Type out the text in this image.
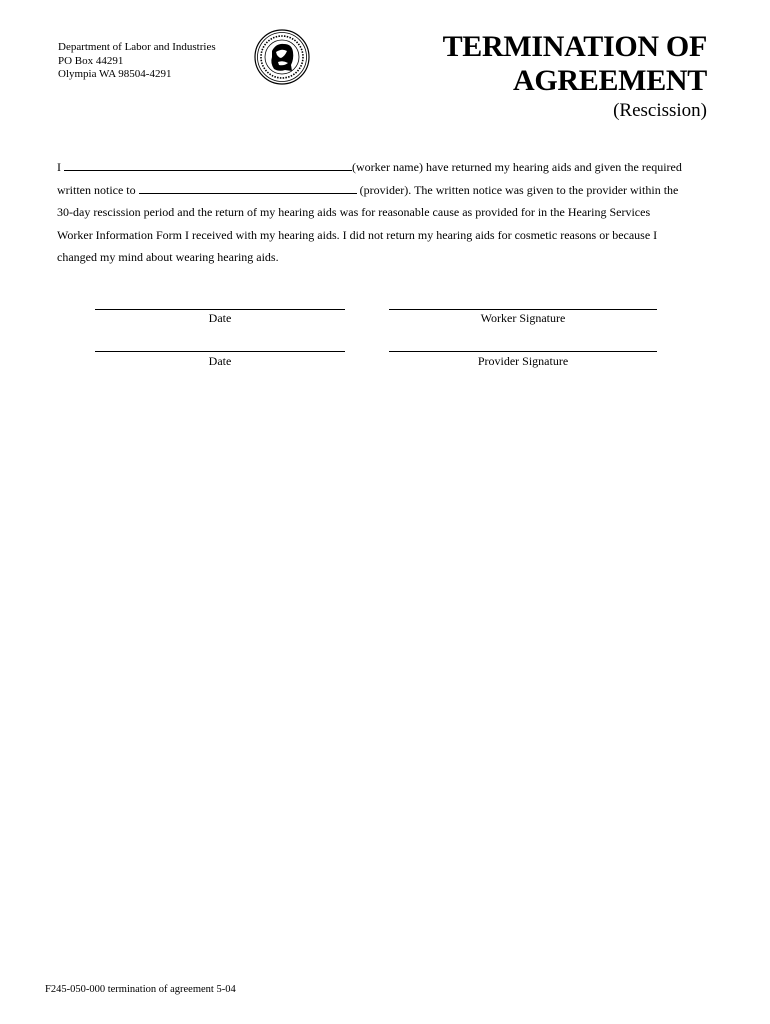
Department of Labor and Industries
PO Box 44291
Olympia WA 98504-4291
TERMINATION OF
AGREEMENT
(Rescission)

I	(worker name) have returned my hearing aids and given the required

written notice to	(provider). The written notice was given to the provider within the

30-day rescission period and the return of my hearing aids was for reasonable cause as provided for in the Hearing Services

Worker Information Form I received with my hearing aids. I did not return my hearing aids for cosmetic reasons or because I

changed my mind about wearing hearing aids.

Date	Worker Signature
Date	Provider Signature
F245-050-000 termination of agreement 5-04
